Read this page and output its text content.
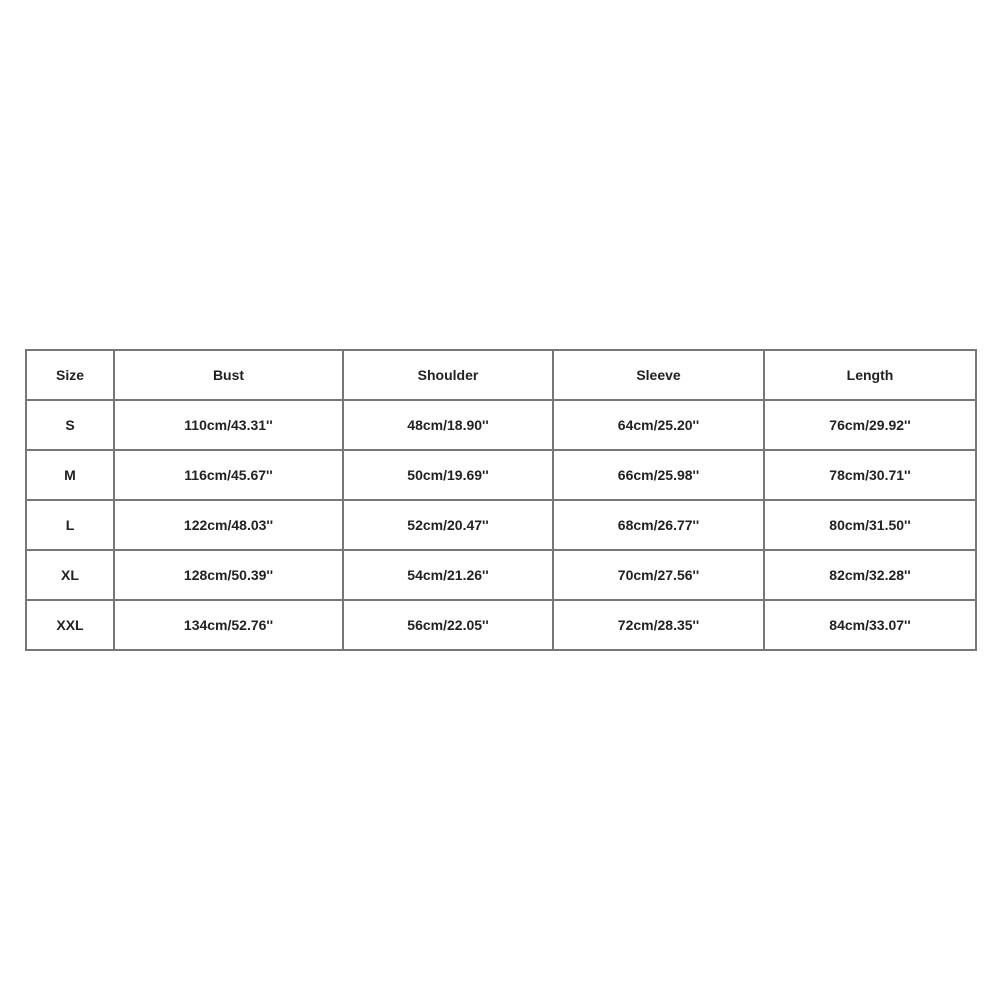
Size	Bust	Shoulder	Sleeve	Length
S	110cm/43.31''	48cm/18.90''	64cm/25.20''	76cm/29.92''
M	116cm/45.67''	50cm/19.69''	66cm/25.98''	78cm/30.71''
L	122cm/48.03''	52cm/20.47''	68cm/26.77''	80cm/31.50''
XL	128cm/50.39''	54cm/21.26''	70cm/27.56''	82cm/32.28''
XXL	134cm/52.76''	56cm/22.05''	72cm/28.35''	84cm/33.07''
